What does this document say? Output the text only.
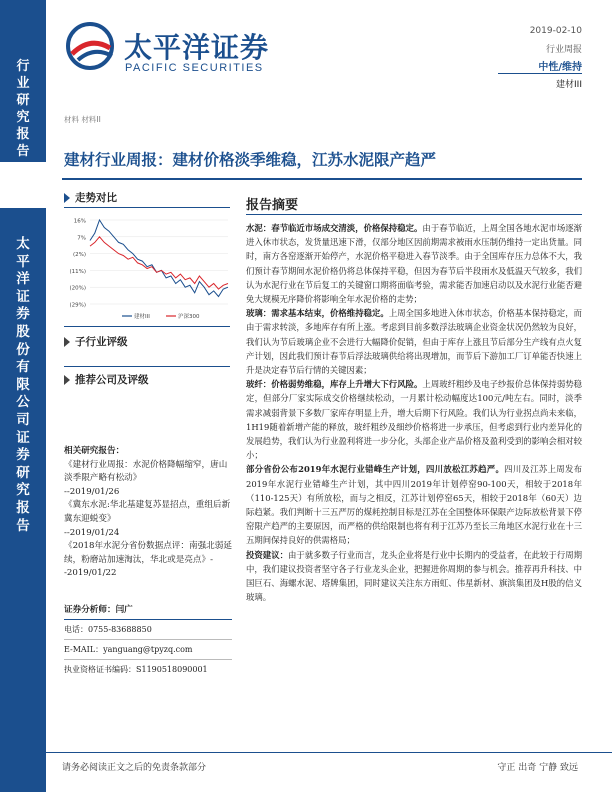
行
业
研
究
报
告
太
平
洋
证
券
股
份
有
限
公
司
证
券
研
究
报
告
太平洋证券
PACIFIC SECURITIES
2019-02-10
行业周报
中性/维持
建材III
材料 材料II
建材行业周报：建材价格淡季维稳，江苏水泥限产趋严
走势对比
16%
7%
(2%)
(11%)
(20%)
(29%)
建材III	沪深300
子行业评级
推荐公司及评级
相关研究报告：
《建材行业周报：水泥价格降幅缩窄，唐山淡季限产略有松动》
--2019/01/26
《冀东水泥:华北基建复苏显招点，重组后新冀东迎蜕变》
--2019/01/24
《2018年水泥分省份数据点评：南强北弱延续，粉磨站加速淘汰，华北或是亮点》--2019/01/22
证券分析师：闫广
电话：0755-83688850
E-MAIL：yanguang@tpyzq.com
执业资格证书编码：S1190518090001
报告摘要
水泥：春节临近市场成交清淡，价格保持稳定。由于春节临近，上周全国各地水泥市场逐渐进入休市状态，发货量迅速下滑，仅部分地区因前期需求被雨水压制仍维持一定出货量。同时，南方各窑逐渐开始停产，水泥价格平稳进入春节淡季。由于全国库存压力总体不大，我们预计春节期间水泥价格仍将总体保持平稳，但因为春节后半段雨水及低温天气较多，我们认为水泥行业在节后复工的关键窗口期将面临考验，需求能否加速启动以及水泥行业能否避免大规模无序降价将影响全年水泥价格的走势；
玻璃：需求基本结束，价格维持稳定。上周全国多地进入休市状态，价格基本保持稳定，而由于需求转淡，多地库存有所上涨。考虑到目前多数浮法玻璃企业资金状况仍然较为良好，我们认为节后玻璃企业不会进行大幅降价促销，但由于库存上涨且节后部分生产线有点火复产计划，因此我们预计春节后浮法玻璃供给将出现增加，而节后下游加工厂订单能否快速上升是决定春节后行情的关键因素；
玻纤：价格弱势维稳，库存上升增大下行风险。上周玻纤粗纱及电子纱报价总体保持弱势稳定，但部分厂家实际成交价格继续松动，一月累计松动幅度达100元/吨左右。同时，淡季需求减弱背景下多数厂家库存明显上升，增大后期下行风险。我们认为行业拐点尚未来临，1H19随着新增产能的释放，玻纤粗纱及细纱价格将进一步承压，但考虑到行业内差异化的发展趋势，我们认为行业盈利将进一步分化，头部企业产品价格及盈利受到的影响会相对较小；
部分省份公布2019年水泥行业错峰生产计划，四川放松江苏趋严。四川及江苏上周发布2019年水泥行业错峰生产计划，其中四川2019年计划停窑90-100天，相较于2018年（110-125天）有所放松，而与之相反，江苏计划停窑65天，相较于2018年（60天）边际趋紧。我们判断十三五严厉的煤耗控制目标是江苏在全国整体环保限产边际放松背景下停窑限产趋严的主要原因，而严格的供给限制也将有利于江苏乃至长三角地区水泥行业在十三五期间保持良好的供需格局；
投资建议：由于就多数子行业而言，龙头企业将是行业中长期内的受益者，在此较于行周期中，我们建议投资者坚守各子行业龙头企业，把握进你周期的参与机会。推荐再升科技、中国巨石、海螺水泥、塔牌集团，同时建议关注东方雨虹、伟星新材、旗滨集团及H股的信义玻璃。
请务必阅读正文之后的免责条款部分	守正 出奇 宁静 致远
